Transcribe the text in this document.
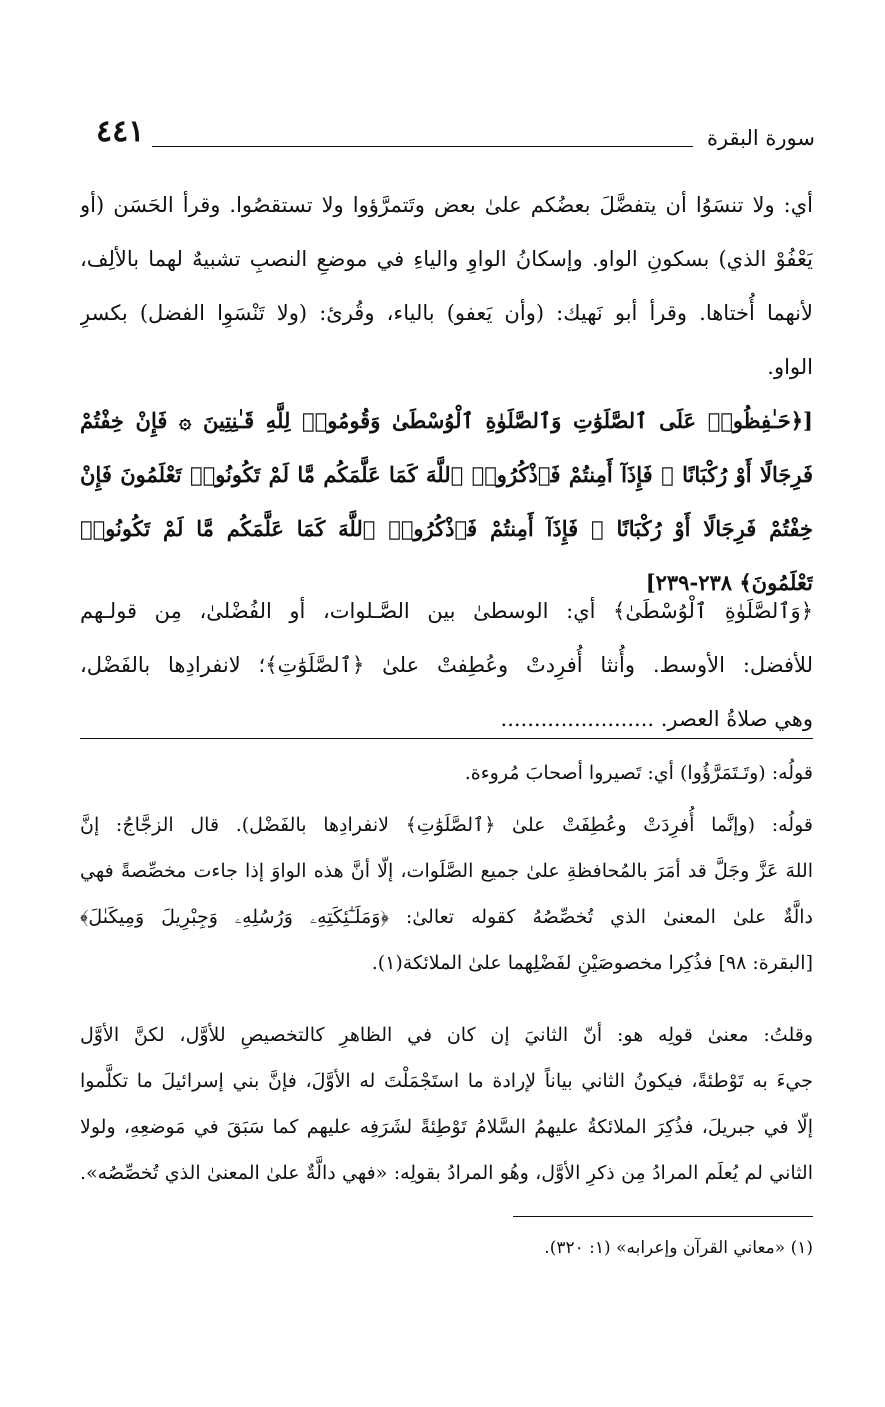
سورة البقرة
٤٤١
أي: ولا تنسَوُا أن يتفضَّلَ بعضُكم علىٰ بعض وتَتمرَّؤوا ولا تستقصُوا. وقرأ الحَسَن (أو
يَعْفُوْ الذي) بسكونِ الواو. وإسكانُ الواوِ والياءِ في موضعِ النصبِ تشبيهٌ لهما بالألِف،
لأنهما أُختاها. وقرأ أبو نَهيك: (وأن يَعفو) بالياء، وقُرئ: (ولا تَنْسَوِا الفضل) بكسرِ
الواو.
[﴿حَـٰفِظُوا۟ عَلَى ٱلصَّلَوَٰتِ وَٱلصَّلَوٰةِ ٱلْوُسْطَىٰ وَقُومُوا۟ لِلَّهِ قَـٰنِتِينَ ۞ فَإِنْ خِفْتُمْ
فَرِجَالًا أَوْ رُكْبَانًا ۖ فَإِذَآ أَمِنتُمْ فَٱذْكُرُوا۟ ٱللَّهَ كَمَا عَلَّمَكُم مَّا لَمْ تَكُونُوا۟ تَعْلَمُونَ فَإِنْ
خِفْتُمْ فَرِجَالًا أَوْ رُكْبَانًا ۖ فَإِذَآ أَمِنتُمْ فَٱذْكُرُوا۟ ٱللَّهَ كَمَا عَلَّمَكُم مَّا لَمْ تَكُونُوا۟
تَعْلَمُونَ﴾ ٢٣٨-٢٣٩]
﴿وَٱلصَّلَوٰةِ ٱلْوُسْطَىٰ﴾ أي: الوسطىٰ بين الصَّـلوات، أو الفُضْلىٰ، مِن قولـهم
للأفضل: الأوسط. وأُنثا أُفرِدتْ وعُطِفتْ علىٰ ﴿ٱلصَّلَوَٰتِ﴾؛ لانفرادِها بالفَضْل،
وهي صلاةُ العصر. .......................
قولُه: (وتَـتَمَرَّؤُوا) أي: تَصيروا أصحابَ مُروءة.
قولُه: (وإنَّما أُفرِدَتْ وعُطِفَتْ علىٰ ﴿ٱلصَّلَوَٰتِ﴾ لانفرادِها بالفَضْل). قال الزجَّاجُ: إنَّ
اللهَ عَزَّ وجَلَّ قد أمَرَ بالمُحافظةِ علىٰ جميع الصَّلَوات، إلّا أنَّ هذه الواوَ إذا جاءت مخصِّصةً فهي
دالَّةٌ علىٰ المعنىٰ الذي تُخصِّصُهُ كقوله تعالىٰ: ﴿وَمَلَـٰٓئِكَتِهِۦ وَرُسُلِهِۦ وَجِبْرِيلَ وَمِيكَىٰلَ﴾
[البقرة: ٩٨] فذُكِرا مخصوصَيْنِ لفَضْلِهما علىٰ الملائكة(١).
وقلتُ: معنىٰ قولِه هو: أنّ الثانيَ إن كان في الظاهرِ كالتخصيصِ للأوَّل، لكنَّ الأوَّل
جيءَ به تَوْطئةً، فيكونُ الثاني بياناً لإرادة ما استَجْمَلْتَ له الأوَّلَ، فإنَّ بني إسرائيلَ ما تكلَّموا
إلّا في جبريلَ، فذُكِرَ الملائكةُ عليهمُ السَّلامُ تَوْطِئةً لشَرَفِه عليهم كما سَبَقَ في مَوضعِهِ، ولولا
الثاني لم يُعلَم المرادُ مِن ذكرِ الأوَّل، وهُو المرادُ بقولِه: «فهي دالَّةٌ علىٰ المعنىٰ الذي تُخصِّصُه».
(١) «معاني القرآن وإعرابه» (١: ٣٢٠).
